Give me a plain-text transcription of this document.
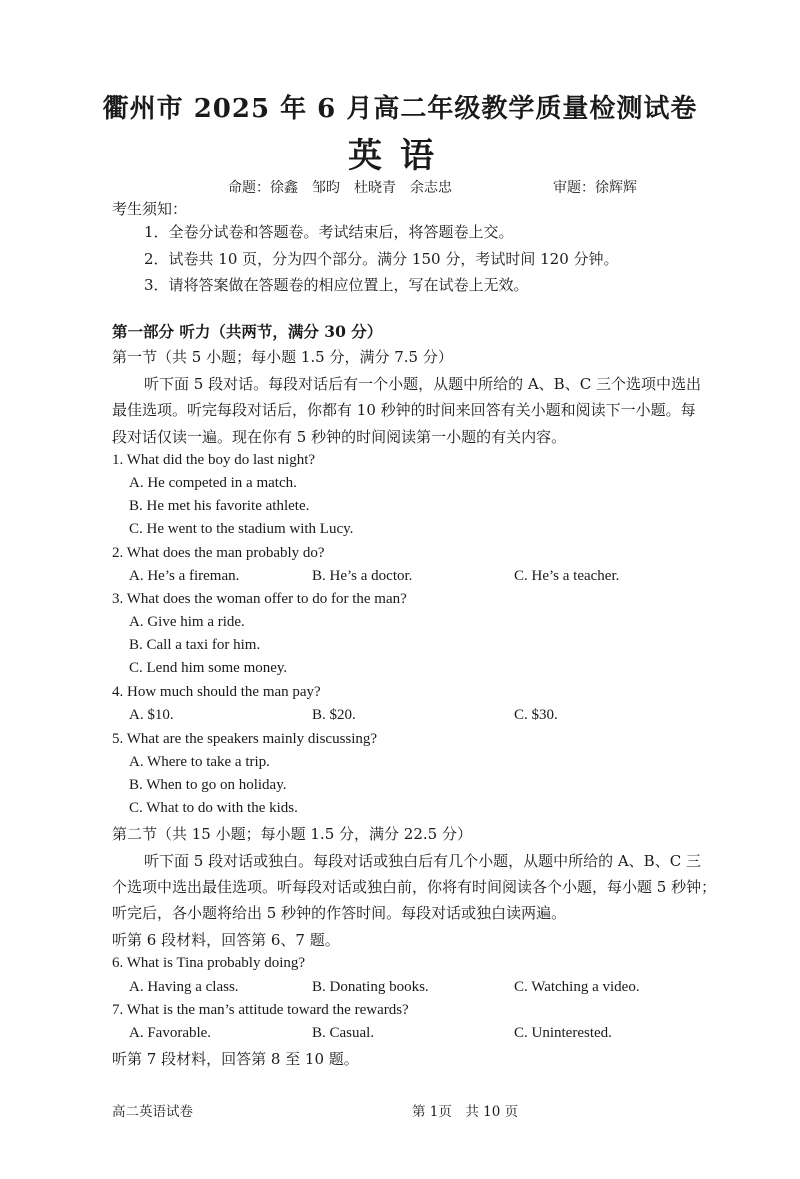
衢州市 2025 年 6 月高二年级教学质量检测试卷
英语
命题：徐鑫　邹昀　杜晓青　余志忠	审题：徐辉辉
考生须知：
1．全卷分试卷和答题卷。考试结束后，将答题卷上交。
2．试卷共 10 页，分为四个部分。满分 150 分，考试时间 120 分钟。
3．请将答案做在答题卷的相应位置上，写在试卷上无效。
第一部分 听力（共两节，满分 30 分）
第一节（共 5 小题；每小题 1.5 分，满分 7.5 分）
听下面 5 段对话。每段对话后有一个小题，从题中所给的 A、B、C 三个选项中选出
最佳选项。听完每段对话后，你都有 10 秒钟的时间来回答有关小题和阅读下一小题。每
段对话仅读一遍。现在你有 5 秒钟的时间阅读第一小题的有关内容。
1. What did the boy do last night?
A. He competed in a match.
B. He met his favorite athlete.
C. He went to the stadium with Lucy.
2. What does the man probably do?
A. He’s a fireman.	B. He’s a doctor.	C. He’s a teacher.
3. What does the woman offer to do for the man?
A. Give him a ride.
B. Call a taxi for him.
C. Lend him some money.
4. How much should the man pay?
A. $10.	B. $20.	C. $30.
5. What are the speakers mainly discussing?
A. Where to take a trip.
B. When to go on holiday.
C. What to do with the kids.
第二节（共 15 小题；每小题 1.5 分，满分 22.5 分）
听下面 5 段对话或独白。每段对话或独白后有几个小题，从题中所给的 A、B、C 三
个选项中选出最佳选项。听每段对话或独白前，你将有时间阅读各个小题，每小题 5 秒钟；
听完后，各小题将给出 5 秒钟的作答时间。每段对话或独白读两遍。
听第 6 段材料，回答第 6、7 题。
6. What is Tina probably doing?
A. Having a class.	B. Donating books.	C. Watching a video.
7. What is the man’s attitude toward the rewards?
A. Favorable.	B. Casual.	C. Uninterested.
听第 7 段材料，回答第 8 至 10 题。
高二英语试卷	第 1页　共 10 页
